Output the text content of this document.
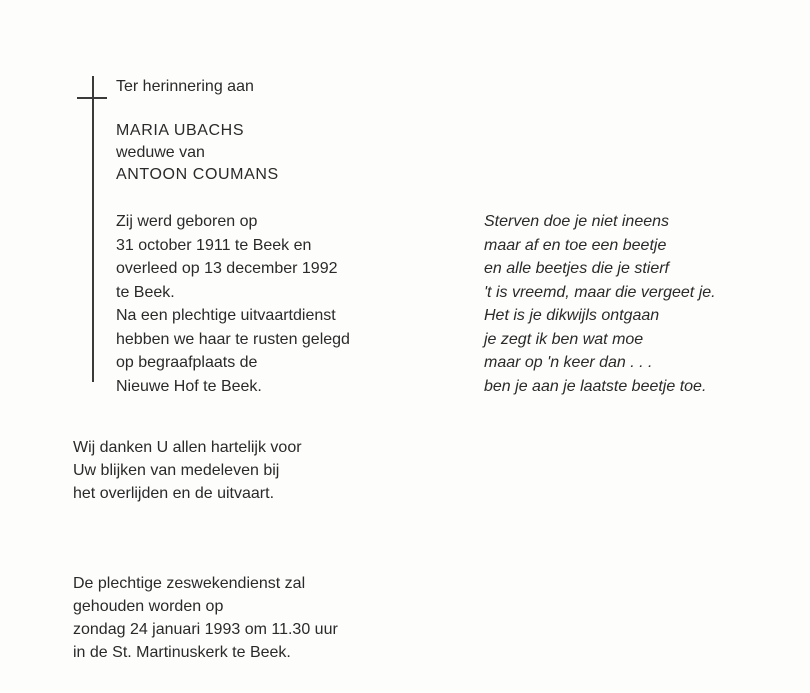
Ter herinnering aan
MARIA UBACHS
weduwe van
ANTOON COUMANS
Zij werd geboren op
31 october 1911 te Beek en
overleed op 13 december 1992
te Beek.
Na een plechtige uitvaartdienst
hebben we haar te rusten gelegd
op begraafplaats de
Nieuwe Hof te Beek.
Sterven doe je niet ineens
maar af en toe een beetje
en alle beetjes die je stierf
't is vreemd, maar die vergeet je.
Het is je dikwijls ontgaan
je zegt ik ben wat moe
maar op 'n keer dan . . .
ben je aan je laatste beetje toe.
Wij danken U allen hartelijk voor
Uw blijken van medeleven bij
het overlijden en de uitvaart.
De plechtige zeswekendienst zal
gehouden worden op
zondag 24 januari 1993 om 11.30 uur
in de St. Martinuskerk te Beek.
